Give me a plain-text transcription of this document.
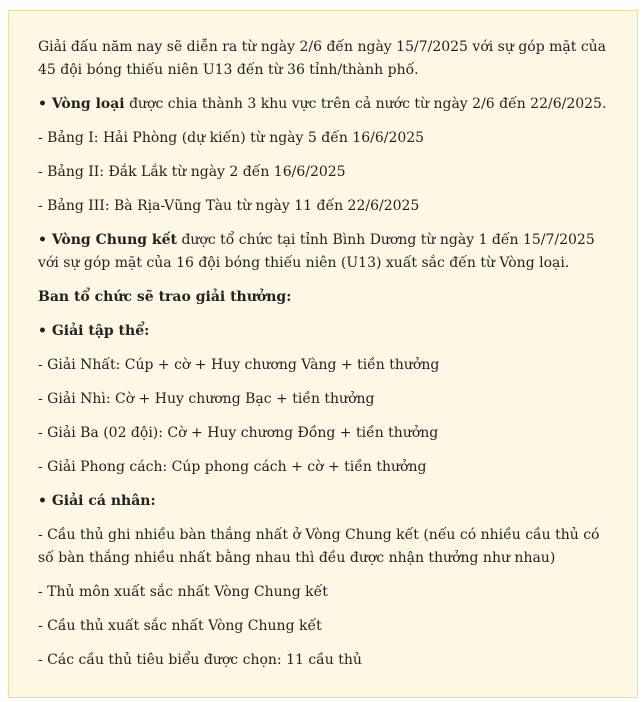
Giải đấu năm nay sẽ diễn ra từ ngày 2/6 đến ngày 15/7/2025 với sự góp mặt của 45 đội bóng thiếu niên U13 đến từ 36 tỉnh/thành phố.

• Vòng loại được chia thành 3 khu vực trên cả nước từ ngày 2/6 đến 22/6/2025.

- Bảng I: Hải Phòng (dự kiến) từ ngày 5 đến 16/6/2025

- Bảng II: Đắk Lắk từ ngày 2 đến 16/6/2025

- Bảng III: Bà Rịa-Vũng Tàu từ ngày 11 đến 22/6/2025

• Vòng Chung kết được tổ chức tại tỉnh Bình Dương từ ngày 1 đến 15/7/2025 với sự góp mặt của 16 đội bóng thiếu niên (U13) xuất sắc đến từ Vòng loại.

Ban tổ chức sẽ trao giải thưởng:

• Giải tập thể:

- Giải Nhất: Cúp + cờ + Huy chương Vàng + tiền thưởng

- Giải Nhì: Cờ + Huy chương Bạc + tiền thưởng

- Giải Ba (02 đội): Cờ + Huy chương Đồng + tiền thưởng

- Giải Phong cách: Cúp phong cách + cờ + tiền thưởng

• Giải cá nhân:

- Cầu thủ ghi nhiều bàn thắng nhất ở Vòng Chung kết (nếu có nhiều cầu thủ có số bàn thắng nhiều nhất bằng nhau thì đều được nhận thưởng như nhau)

- Thủ môn xuất sắc nhất Vòng Chung kết

- Cầu thủ xuất sắc nhất Vòng Chung kết

- Các cầu thủ tiêu biểu được chọn: 11 cầu thủ
